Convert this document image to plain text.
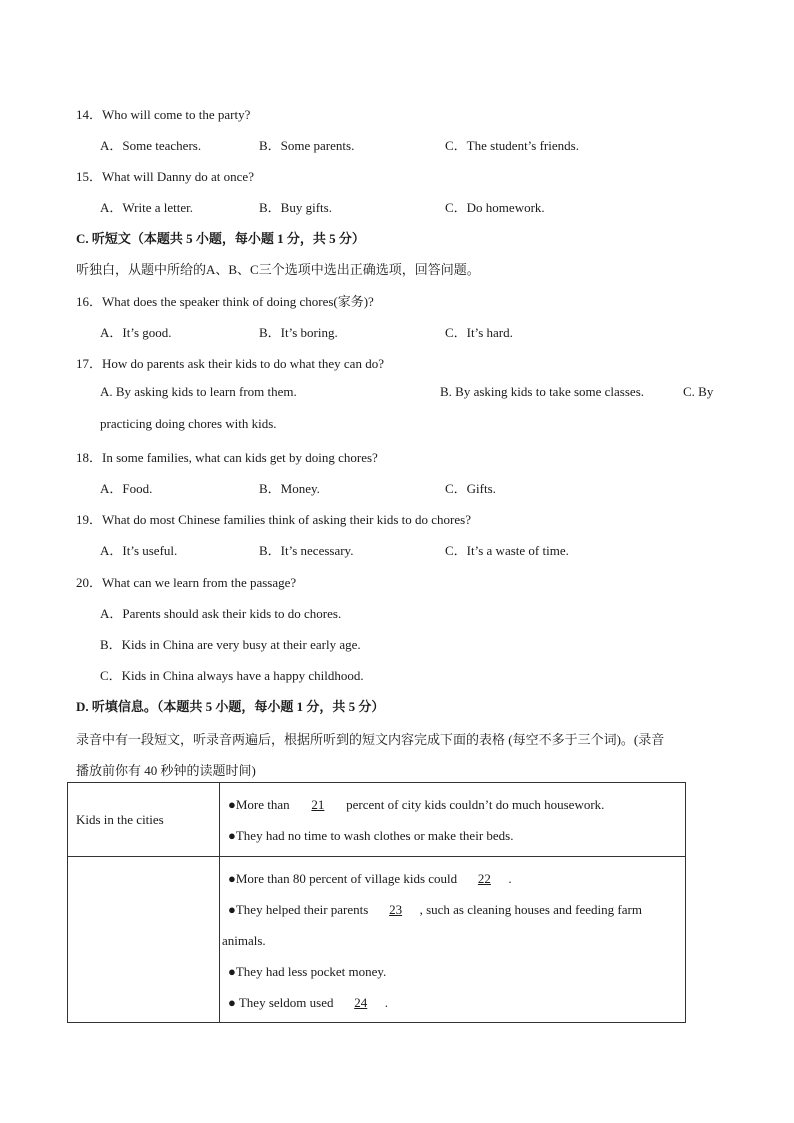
14．Who will come to the party?
A．Some teachers.	B．Some parents.	C．The student’s friends.
15．What will Danny do at once?
A．Write a letter.	B．Buy gifts.	C．Do homework.
C. 听短文（本题共 5 小题，每小题 1 分，共 5 分）
听独白，从题中所给的A、B、C三个选项中选出正确选项，回答问题。
16．What does the speaker think of doing chores(家务)?
A．It’s good.	B．It’s boring.	C．It’s hard.
17．How do parents ask their kids to do what they can do?
A. By asking kids to learn from them.	B. By asking kids to take some classes.	C. By
practicing doing chores with kids.
18．In some families, what can kids get by doing chores?
A．Food.	B．Money.	C．Gifts.
19．What do most Chinese families think of asking their kids to do chores?
A．It’s useful.	B．It’s necessary.	C．It’s a waste of time.
20．What can we learn from the passage?
A．Parents should ask their kids to do chores.
B．Kids in China are very busy at their early age.
C．Kids in China always have a happy childhood.
D. 听填信息。（本题共 5 小题，每小题 1 分，共 5 分）
录音中有一段短文，听录音两遍后，根据所听到的短文内容完成下面的表格 (每空不多于三个词)。(录音
播放前你有 40 秒钟的读题时间)
Kids in the cities	●More than 21 percent of city kids couldn’t do much housework.
●They had no time to wash clothes or make their beds.

	●More than 80 percent of village kids could 22 .
●They helped their parents 23 , such as cleaning houses and feeding farm
animals.
●They had less pocket money.
● They seldom used 24 .
